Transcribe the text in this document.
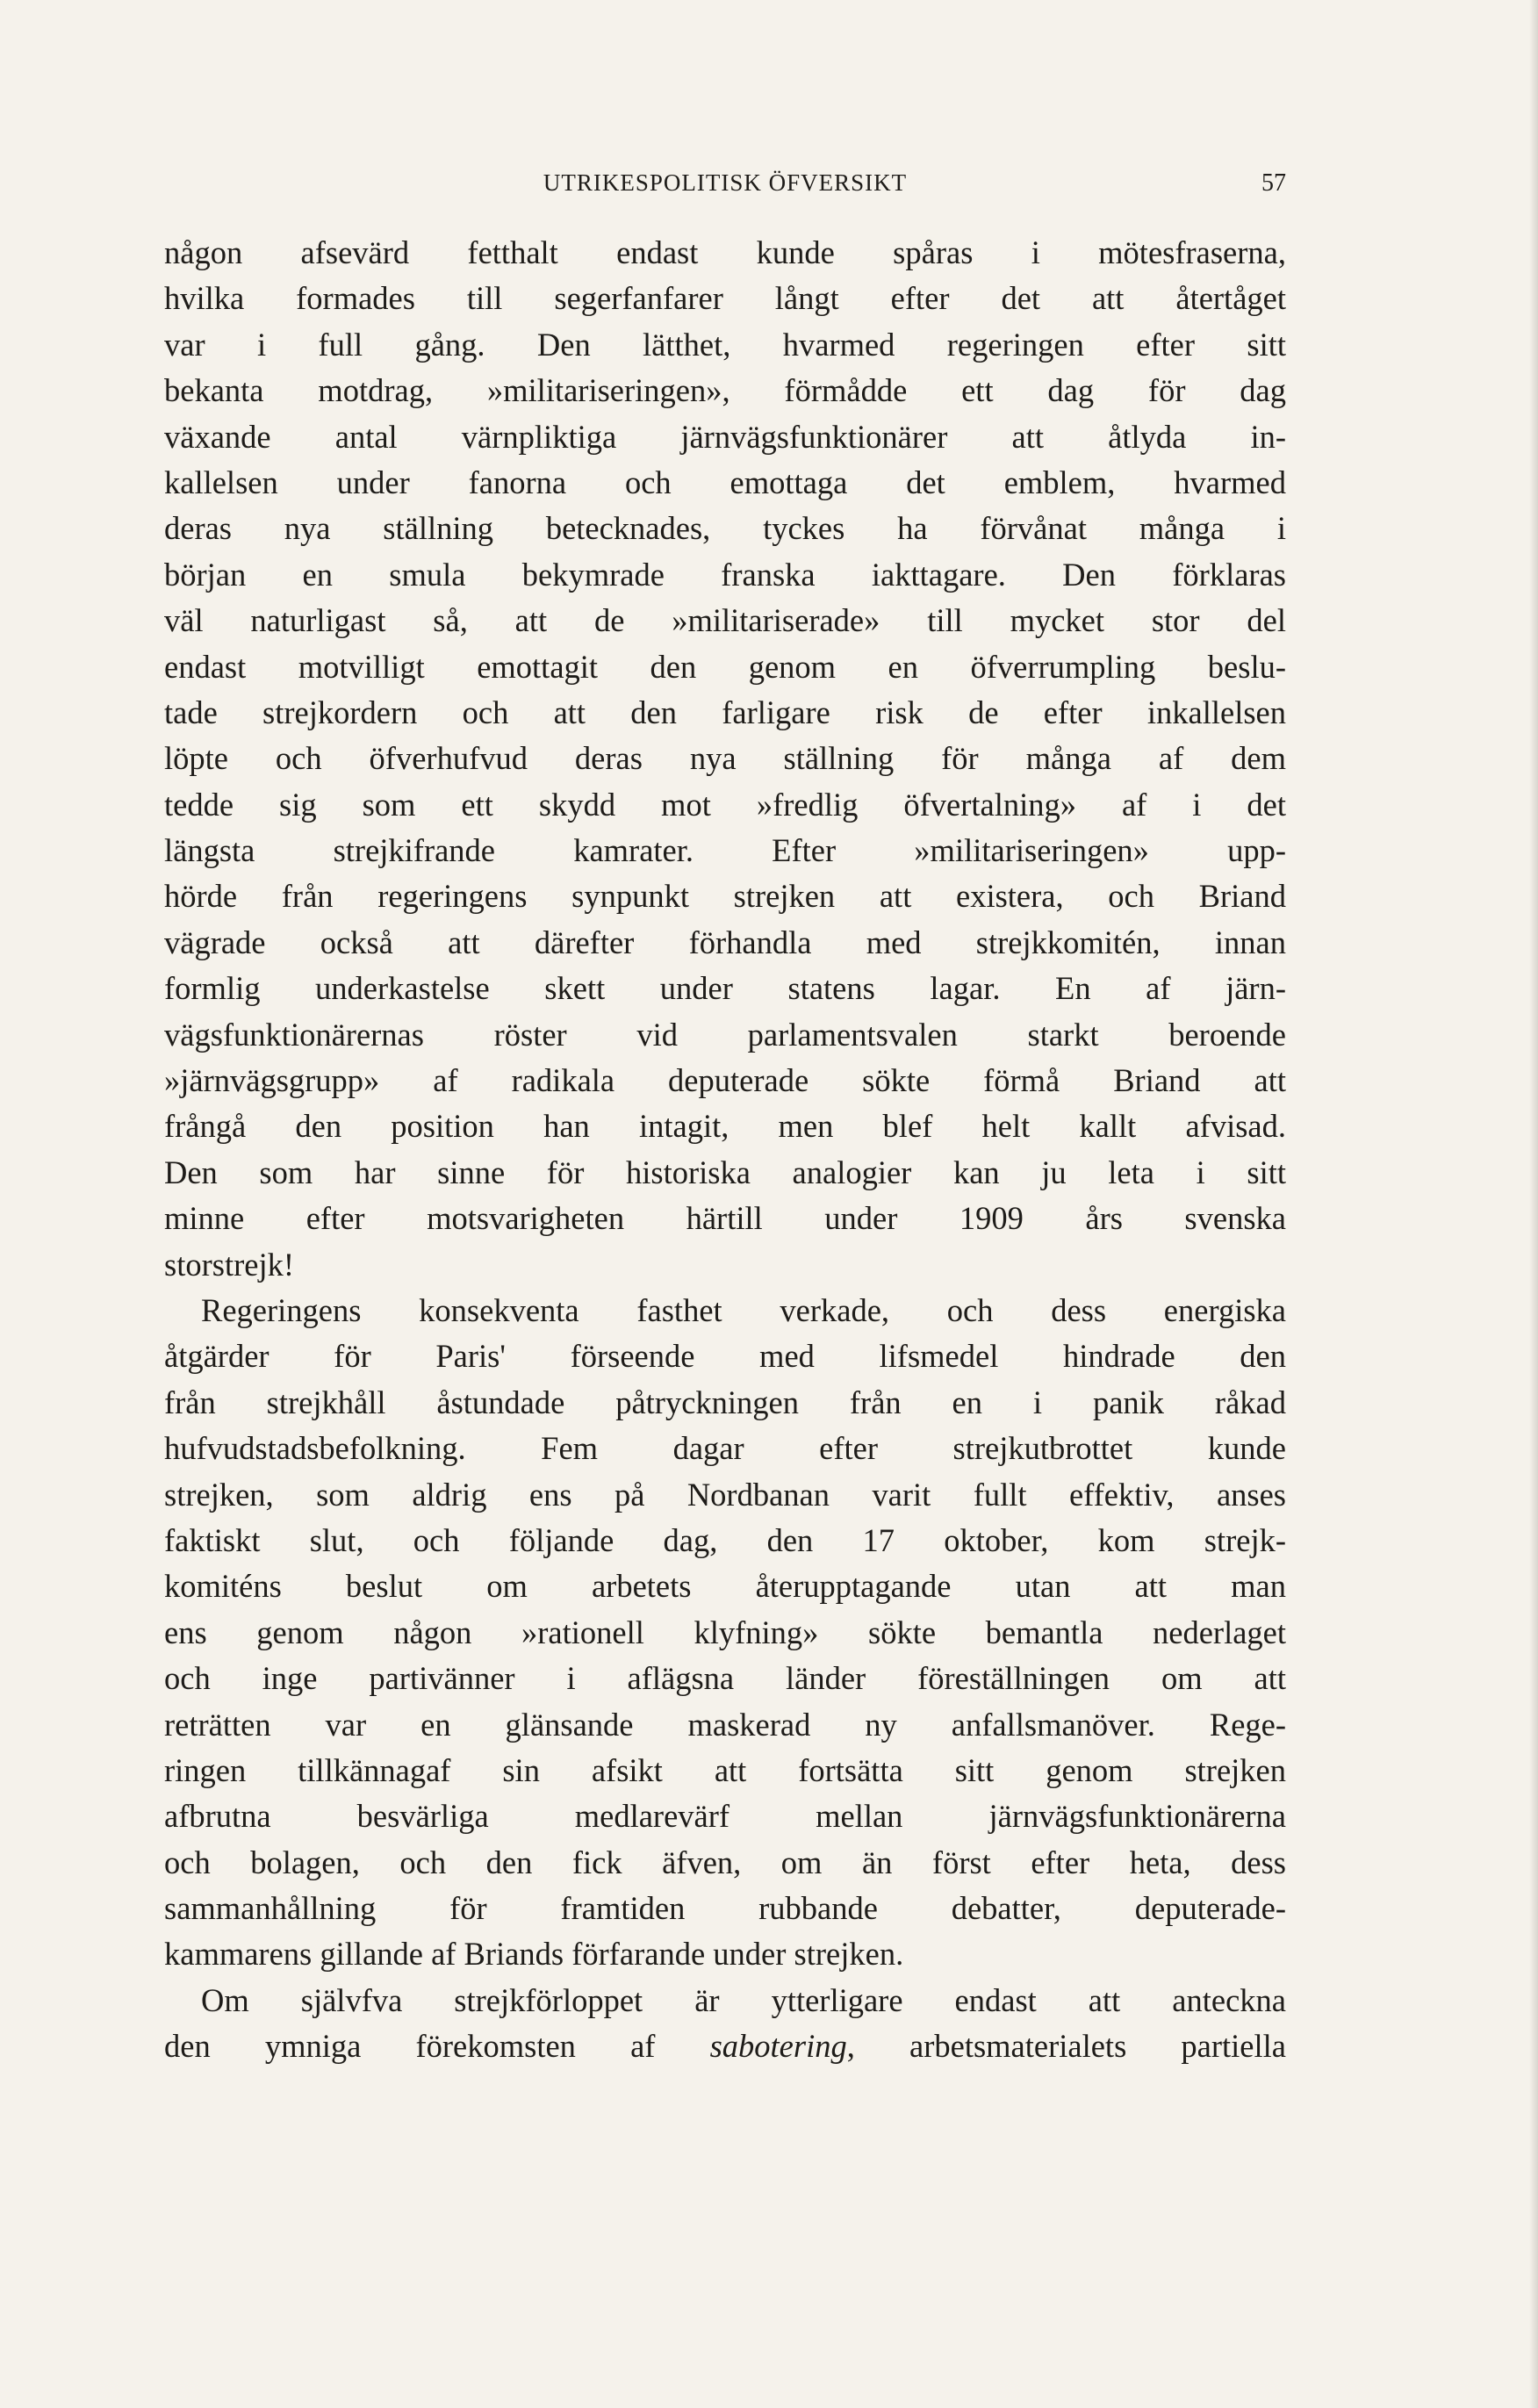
UTRIKESPOLITISK ÖFVERSIKT	57
någon afsevärd fetthalt endast kunde spåras i mötesfraserna,
hvilka formades till segerfanfarer långt efter det att återtåget
var i full gång. Den lätthet, hvarmed regeringen efter sitt
bekanta motdrag, »militariseringen», förmådde ett dag för dag
växande antal värnpliktiga järnvägsfunktionärer att åtlyda in-
kallelsen under fanorna och emottaga det emblem, hvarmed
deras nya ställning betecknades, tyckes ha förvånat många i
början en smula bekymrade franska iakttagare. Den förklaras
väl naturligast så, att de »militariserade» till mycket stor del
endast motvilligt emottagit den genom en öfverrumpling beslu-
tade strejkordern och att den farligare risk de efter inkallelsen
löpte och öfverhufvud deras nya ställning för många af dem
tedde sig som ett skydd mot »fredlig öfvertalning» af i det
längsta strejkifrande kamrater. Efter »militariseringen» upp-
hörde från regeringens synpunkt strejken att existera, och Briand
vägrade också att därefter förhandla med strejkkomitén, innan
formlig underkastelse skett under statens lagar. En af järn-
vägsfunktionärernas röster vid parlamentsvalen starkt beroende
»järnvägsgrupp» af radikala deputerade sökte förmå Briand att
frångå den position han intagit, men blef helt kallt afvisad.
Den som har sinne för historiska analogier kan ju leta i sitt
minne efter motsvarigheten härtill under 1909 års svenska
storstrejk!
Regeringens konsekventa fasthet verkade, och dess energiska
åtgärder för Paris' förseende med lifsmedel hindrade den
från strejkhåll åstundade påtryckningen från en i panik råkad
hufvudstadsbefolkning. Fem dagar efter strejkutbrottet kunde
strejken, som aldrig ens på Nordbanan varit fullt effektiv, anses
faktiskt slut, och följande dag, den 17 oktober, kom strejk-
komiténs beslut om arbetets återupptagande utan att man
ens genom någon »rationell klyfning» sökte bemantla nederlaget
och inge partivänner i aflägsna länder föreställningen om att
reträtten var en glänsande maskerad ny anfallsmanöver. Rege-
ringen tillkännagaf sin afsikt att fortsätta sitt genom strejken
afbrutna besvärliga medlarevärf mellan järnvägsfunktionärerna
och bolagen, och den fick äfven, om än först efter heta, dess
sammanhållning för framtiden rubbande debatter, deputerade-
kammarens gillande af Briands förfarande under strejken.
Om självfva strejkförloppet är ytterligare endast att anteckna
den ymniga förekomsten af sabotering, arbetsmaterialets partiella
